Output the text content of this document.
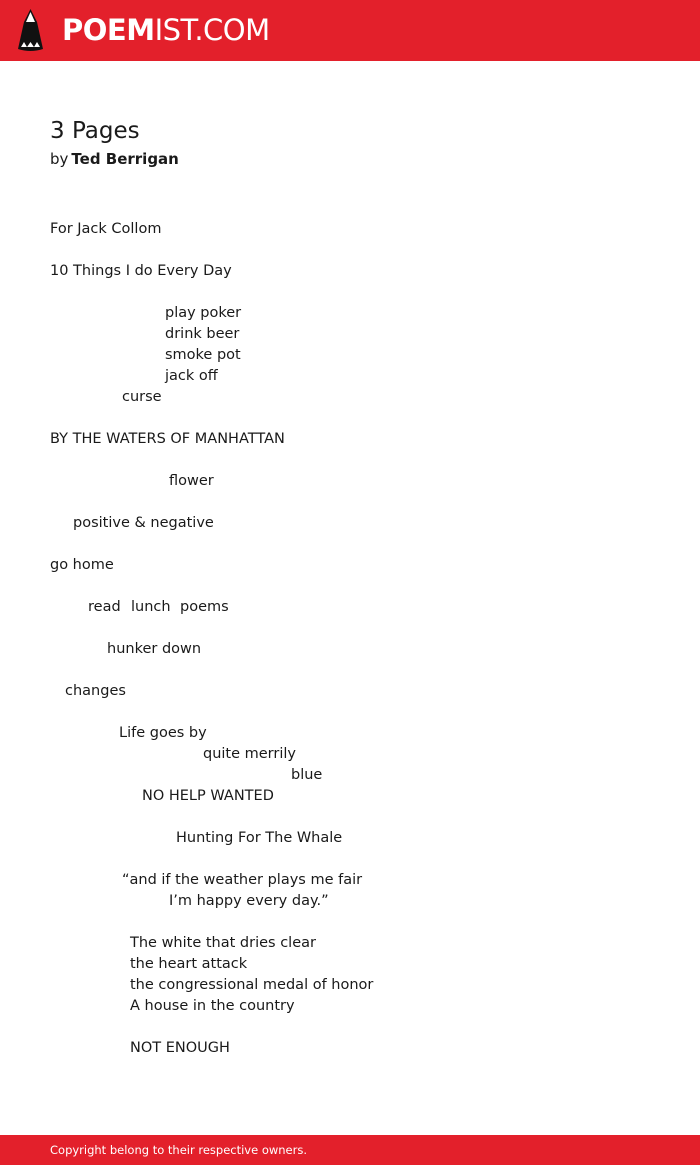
POEMIST.COM
3 Pages
by Ted Berrigan
For Jack Collom
10 Things I do Every Day
play poker
drink beer
smoke pot
jack off
curse
BY THE WATERS OF MANHATTAN
flower
positive & negative
go home
read lunch poems
hunker down
changes
Life goes by
quite merrily
blue
NO HELP WANTED
Hunting For The Whale
“and if the weather plays me fair
I’m happy every day.”
The white that dries clear
the heart attack
the congressional medal of honor
A house in the country
NOT ENOUGH
Copyright belong to their respective owners.
